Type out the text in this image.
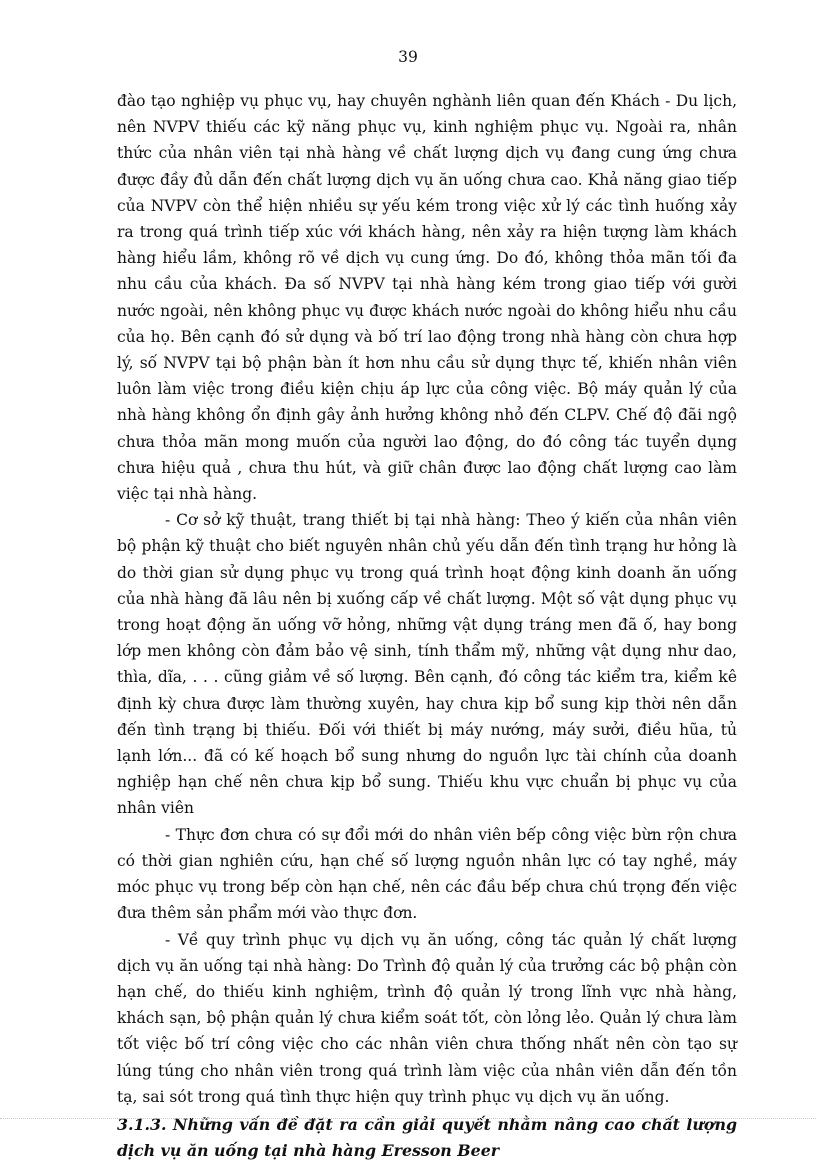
39

đào tạo nghiệp vụ phục vụ, hay chuyên nghành liên quan đến Khách - Du lịch, nên NVPV thiếu các kỹ năng phục vụ, kinh nghiệm phục vụ. Ngoài ra, nhân thức của nhân viên tại nhà hàng về chất lượng dịch vụ đang cung ứng chưa được đầy đủ dẫn đến chất lượng dịch vụ ăn uống chưa cao. Khả năng giao tiếp của NVPV còn thể hiện nhiều sự yếu kém trong việc xử lý các tình huống xảy ra trong quá trình tiếp xúc với khách hàng, nên xảy ra hiện tượng làm khách hàng hiểu lầm, không rõ về dịch vụ cung ứng. Do đó, không thỏa mãn tối đa nhu cầu của khách. Đa số NVPV tại nhà hàng kém trong giao tiếp với gười nước ngoài, nên không phục vụ được khách nước ngoài do không hiểu nhu cầu của họ. Bên cạnh đó sử dụng và bố trí lao động trong nhà hàng còn chưa hợp lý, số NVPV tại bộ phận bàn ít hơn nhu cầu sử dụng thực tế, khiến nhân viên luôn làm việc trong điều kiện chịu áp lực của công việc. Bộ máy quản lý của nhà hàng không ổn định gây ảnh hưởng không nhỏ đến CLPV. Chế độ đãi ngộ chưa thỏa mãn mong muốn của người lao động, do đó công tác tuyển dụng chưa hiệu quả , chưa thu hút, và giữ chân được lao động chất lượng cao làm việc tại nhà hàng.

- Cơ sở kỹ thuật, trang thiết bị tại nhà hàng: Theo ý kiến của nhân viên bộ phận kỹ thuật cho biết nguyên nhân chủ yếu dẫn đến tình trạng hư hỏng là do thời gian sử dụng phục vụ trong quá trình hoạt động kinh doanh ăn uống của nhà hàng đã lâu nên bị xuống cấp về chất lượng. Một số vật dụng phục vụ trong hoạt động ăn uống vỡ hỏng, những vật dụng tráng men đã ố, hay bong lớp men không còn đảm bảo vệ sinh, tính thẩm mỹ, những vật dụng như dao, thìa, dĩa, . . . cũng giảm về số lượng. Bên cạnh, đó công tác kiểm tra, kiểm kê định kỳ chưa được làm thường xuyên, hay chưa kịp bổ sung kịp thời nên dẫn đến tình trạng bị thiếu. Đối với thiết bị máy nướng, máy sưởi, điều hũa, tủ lạnh lớn... đã có kế hoạch bổ sung nhưng do nguồn lực tài chính của doanh nghiệp hạn chế nên chưa kịp bổ sung. Thiếu khu vực chuẩn bị phục vụ của nhân viên

- Thực đơn chưa có sự đổi mới do nhân viên bếp công việc bừn rộn chưa có thời gian nghiên cứu, hạn chế số lượng nguồn nhân lực có tay nghề, máy móc phục vụ trong bếp còn hạn chế, nên các đầu bếp chưa chú trọng đến việc đưa thêm sản phẩm mới vào thực đơn.

- Về quy trình phục vụ dịch vụ ăn uống, công tác quản lý chất lượng dịch vụ ăn uống tại nhà hàng: Do Trình độ quản lý của trưởng các bộ phận còn hạn chế, do thiếu kinh nghiệm, trình độ quản lý trong lĩnh vực nhà hàng, khách sạn, bộ phận quản lý chưa kiểm soát tốt, còn lỏng lẻo. Quản lý chưa làm tốt việc bố trí công việc cho các nhân viên chưa thống nhất nên còn tạo sự lúng túng cho nhân viên trong quá trình làm việc của nhân viên dẫn đến tồn tạ, sai sót trong quá tình thực hiện quy trình phục vụ dịch vụ ăn uống.

3.1.3. Những vấn đề đặt ra cần giải quyết nhằm nâng cao chất lượng dịch vụ ăn uống tại nhà hàng Eresson Beer
